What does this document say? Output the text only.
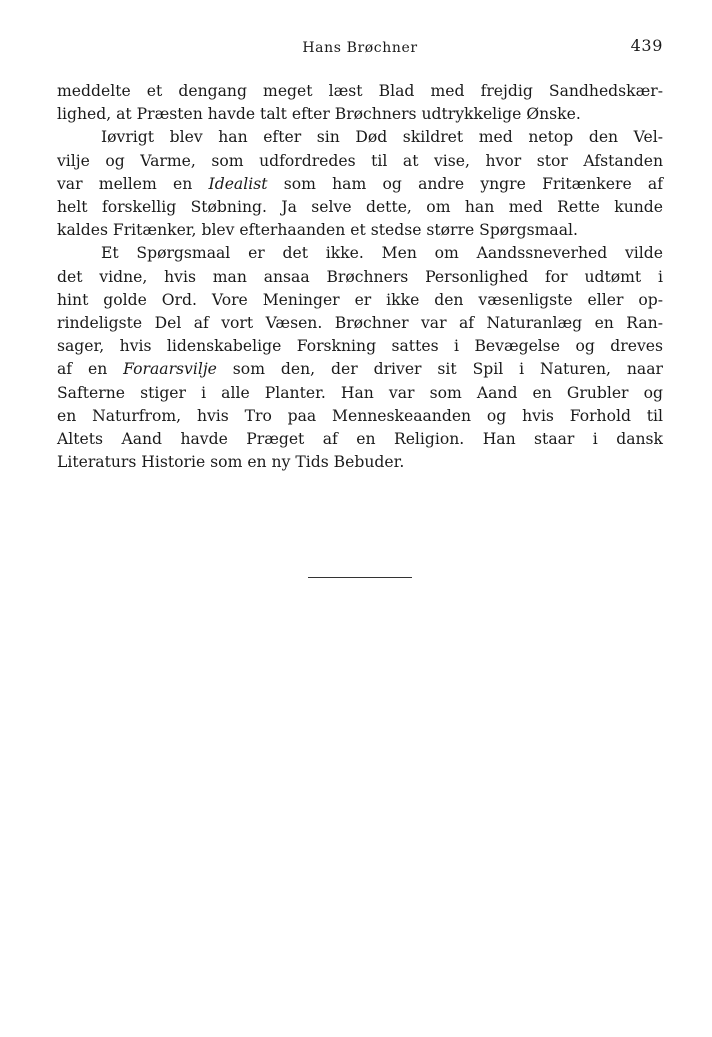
Hans Brøchner	439
meddelte et dengang meget læst Blad med frejdig Sandhedskær-
lighed, at Præsten havde talt efter Brøchners udtrykkelige Ønske.
Iøvrigt blev han efter sin Død skildret med netop den Vel-
vilje og Varme, som udfordredes til at vise, hvor stor Afstanden
var mellem en Idealist som ham og andre yngre Fritænkere af
helt forskellig Støbning. Ja selve dette, om han med Rette kunde
kaldes Fritænker, blev efterhaanden et stedse større Spørgsmaal.
Et Spørgsmaal er det ikke. Men om Aandssneverhed vilde
det vidne, hvis man ansaa Brøchners Personlighed for udtømt i
hint golde Ord. Vore Meninger er ikke den væsenligste eller op-
rindeligste Del af vort Væsen. Brøchner var af Naturanlæg en Ran-
sager, hvis lidenskabelige Forskning sattes i Bevægelse og dreves
af en Foraarsvilje som den, der driver sit Spil i Naturen, naar
Safterne stiger i alle Planter. Han var som Aand en Grubler og
en Naturfrom, hvis Tro paa Menneskeaanden og hvis Forhold til
Altets Aand havde Præget af en Religion. Han staar i dansk
Literaturs Historie som en ny Tids Bebuder.
